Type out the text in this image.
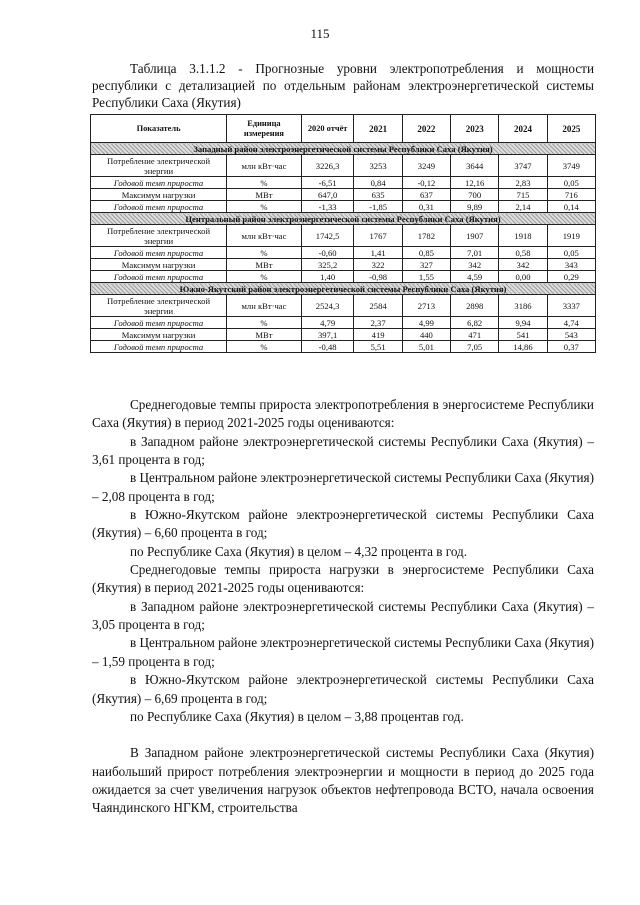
115
Таблица 3.1.1.2 - Прогнозные уровни электропотребления и мощности республики с детализацией по отдельным районам электроэнергетической системы Республики Саха (Якутия)
Показатель	Единица измерения	2020 отчёт	2021	2022	2023	2024	2025
Западный район электроэнергетической системы Республики Саха (Якутия)							
Потребление электрической энергии	млн кВт·час	3226,3	3253	3249	3644	3747	3749
Годовой темп прироста	%	-6,51	0,84	-0,12	12,16	2,83	0,05
Максимум нагрузки	МВт	647,0	635	637	700	715	716
Годовой темп прироста	%	-1,33	-1,85	0,31	9,89	2,14	0,14
Центральный район электроэнергетической системы Республики Саха (Якутия)							
Потребление электрической энергии	млн кВт·час	1742,5	1767	1782	1907	1918	1919
Годовой темп прироста	%	-0,60	1,41	0,85	7,01	0,58	0,05
Максимум нагрузки	МВт	325,2	322	327	342	342	343
Годовой темп прироста	%	1,40	-0,98	1,55	4,59	0,00	0,29
Южно-Якутский район электроэнергетической системы Республики Саха (Якутия)							
Потребление электрической энергии	млн кВт·час	2524,3	2584	2713	2898	3186	3337
Годовой темп прироста	%	4,79	2,37	4,99	6,82	9,94	4,74
Максимум нагрузки	МВт	397,1	419	440	471	541	543
Годовой темп прироста	%	-0,48	5,51	5,01	7,05	14,86	0,37

Среднегодовые темпы прироста электропотребления в энергосистеме Республики Саха (Якутия) в период 2021-2025 годы оцениваются:

в Западном районе электроэнергетической системы Республики Саха (Якутия) – 3,61 процента в год;

в Центральном районе электроэнергетической системы Республики Саха (Якутия) – 2,08 процента в год;

в Южно-Якутском районе электроэнергетической системы Республики Саха (Якутия) – 6,60 процента в год;

по Республике Саха (Якутия) в целом – 4,32 процента в год.

Среднегодовые темпы прироста нагрузки в энергосистеме Республики Саха (Якутия) в период 2021-2025 годы оцениваются:

в Западном районе электроэнергетической системы Республики Саха (Якутия) – 3,05 процента в год;

в Центральном районе электроэнергетической системы Республики Саха (Якутия) – 1,59 процента в год;

в Южно-Якутском районе электроэнергетической системы Республики Саха (Якутия) – 6,69 процента в год;

по Республике Саха (Якутия) в целом – 3,88 процентав год.

В Западном районе электроэнергетической системы Республики Саха (Якутия) наибольший прирост потребления электроэнергии и мощности в период до 2025 года ожидается за счет увеличения нагрузок объектов нефтепровода ВСТО, начала освоения Чаяндинского НГКМ, строительства
